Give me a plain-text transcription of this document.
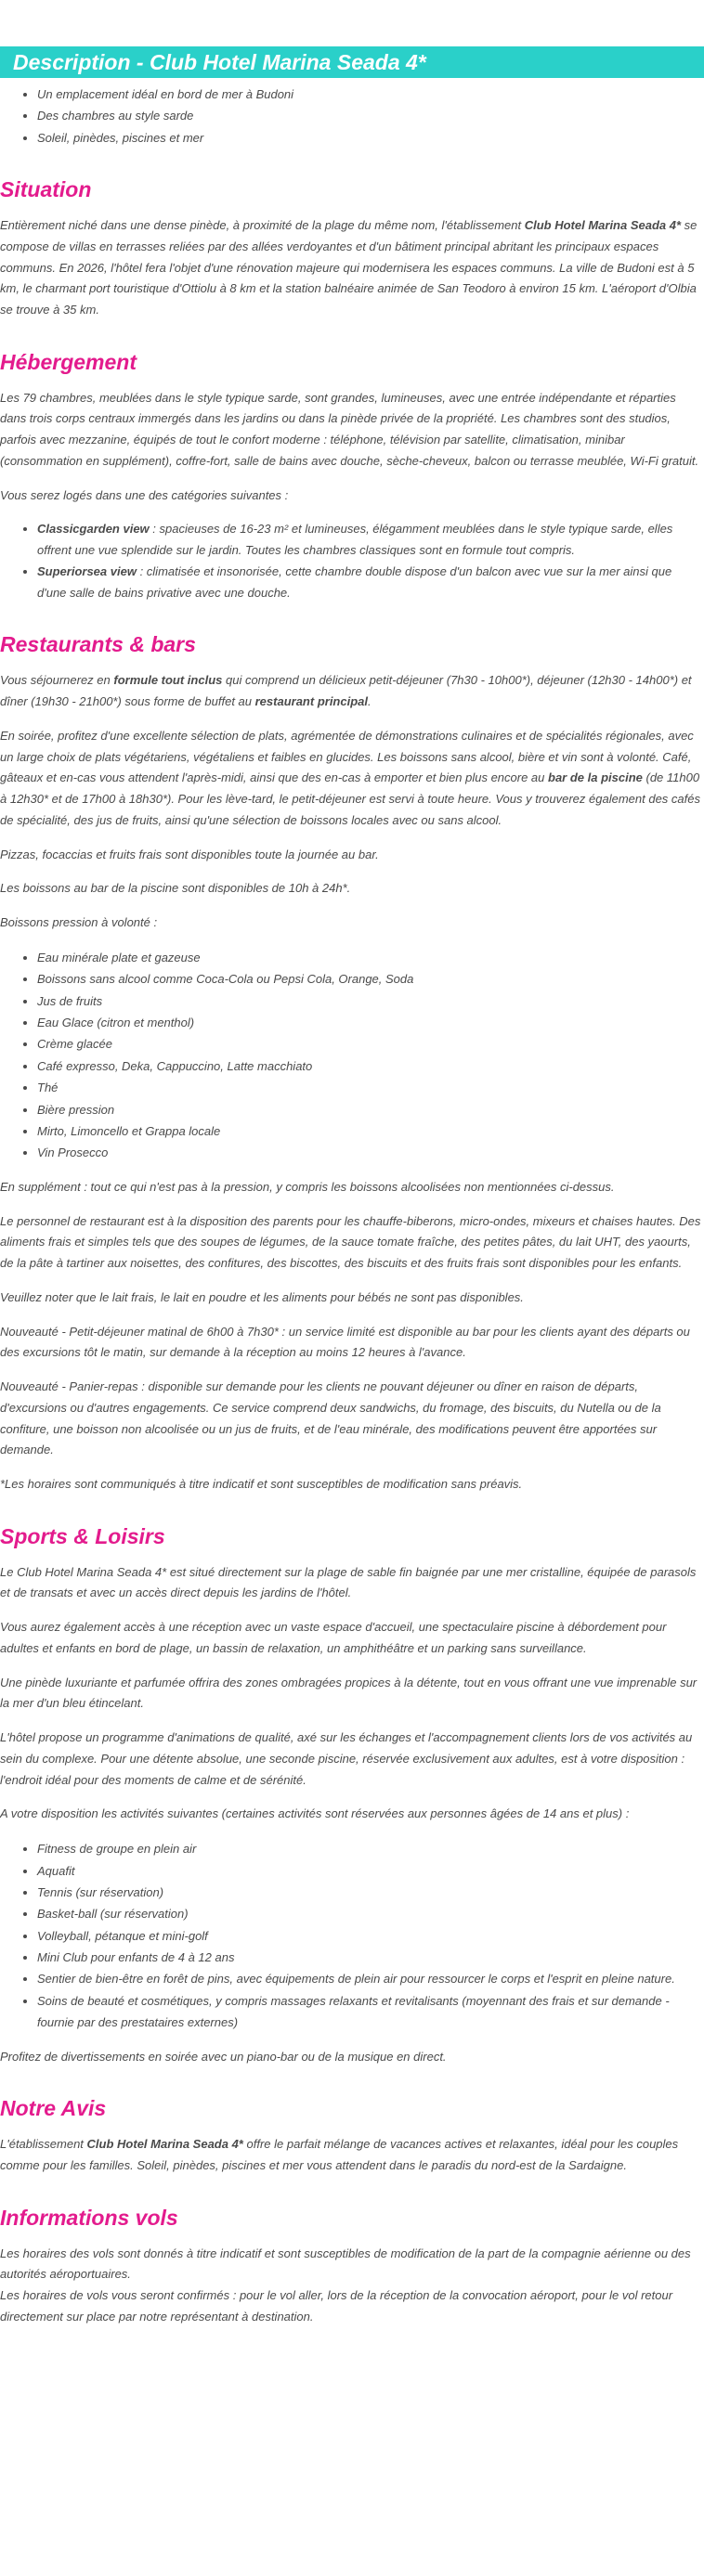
Description - Club Hotel Marina Seada 4*
• Un emplacement idéal en bord de mer à Budoni
• Des chambres au style sarde
• Soleil, pinèdes, piscines et mer
Situation

Entièrement niché dans une dense pinède, à proximité de la plage du même nom, l'établissement Club Hotel Marina Seada 4* se compose de villas en terrasses reliées par des allées verdoyantes et d'un bâtiment principal abritant les principaux espaces communs. En 2026, l'hôtel fera l'objet d'une rénovation majeure qui modernisera les espaces communs. La ville de Budoni est à 5 km, le charmant port touristique d'Ottiolu à 8 km et la station balnéaire animée de San Teodoro à environ 15 km. L'aéroport d'Olbia se trouve à 35 km.

Hébergement

Les 79 chambres, meublées dans le style typique sarde, sont grandes, lumineuses, avec une entrée indépendante et réparties dans trois corps centraux immergés dans les jardins ou dans la pinède privée de la propriété. Les chambres sont des studios, parfois avec mezzanine, équipés de tout le confort moderne : téléphone, télévision par satellite, climatisation, minibar (consommation en supplément), coffre-fort, salle de bains avec douche, sèche-cheveux, balcon ou terrasse meublée, Wi-Fi gratuit.

Vous serez logés dans une des catégories suivantes :

• Classicgarden view : spacieuses de 16-23 m² et lumineuses, élégamment meublées dans le style typique sarde, elles offrent une vue splendide sur le jardin. Toutes les chambres classiques sont en formule tout compris.
• Superiorsea view : climatisée et insonorisée, cette chambre double dispose d'un balcon avec vue sur la mer ainsi que d'une salle de bains privative avec une douche.
Restaurants & bars

Vous séjournerez en formule tout inclus qui comprend un délicieux petit-déjeuner (7h30 - 10h00*), déjeuner (12h30 - 14h00*) et dîner (19h30 - 21h00*) sous forme de buffet au restaurant principal.

En soirée, profitez d'une excellente sélection de plats, agrémentée de démonstrations culinaires et de spécialités régionales, avec un large choix de plats végétariens, végétaliens et faibles en glucides. Les boissons sans alcool, bière et vin sont à volonté. Café, gâteaux et en-cas vous attendent l'après-midi, ainsi que des en-cas à emporter et bien plus encore au bar de la piscine (de 11h00 à 12h30* et de 17h00 à 18h30*). Pour les lève-tard, le petit-déjeuner est servi à toute heure. Vous y trouverez également des cafés de spécialité, des jus de fruits, ainsi qu'une sélection de boissons locales avec ou sans alcool.

Pizzas, focaccias et fruits frais sont disponibles toute la journée au bar.

Les boissons au bar de la piscine sont disponibles de 10h à 24h*.

Boissons pression à volonté :

• Eau minérale plate et gazeuse
• Boissons sans alcool comme Coca-Cola ou Pepsi Cola, Orange, Soda
• Jus de fruits
• Eau Glace (citron et menthol)
• Crème glacée
• Café expresso, Deka, Cappuccino, Latte macchiato
• Thé
• Bière pression
• Mirto, Limoncello et Grappa locale
• Vin Prosecco

En supplément : tout ce qui n'est pas à la pression, y compris les boissons alcoolisées non mentionnées ci-dessus.

Le personnel de restaurant est à la disposition des parents pour les chauffe-biberons, micro-ondes, mixeurs et chaises hautes. Des aliments frais et simples tels que des soupes de légumes, de la sauce tomate fraîche, des petites pâtes, du lait UHT, des yaourts, de la pâte à tartiner aux noisettes, des confitures, des biscottes, des biscuits et des fruits frais sont disponibles pour les enfants.

Veuillez noter que le lait frais, le lait en poudre et les aliments pour bébés ne sont pas disponibles.

Nouveauté - Petit-déjeuner matinal de 6h00 à 7h30* : un service limité est disponible au bar pour les clients ayant des départs ou des excursions tôt le matin, sur demande à la réception au moins 12 heures à l'avance.

Nouveauté - Panier-repas : disponible sur demande pour les clients ne pouvant déjeuner ou dîner en raison de départs, d'excursions ou d'autres engagements. Ce service comprend deux sandwichs, du fromage, des biscuits, du Nutella ou de la confiture, une boisson non alcoolisée ou un jus de fruits, et de l'eau minérale, des modifications peuvent être apportées sur demande.

*Les horaires sont communiqués à titre indicatif et sont susceptibles de modification sans préavis.

Sports & Loisirs

Le Club Hotel Marina Seada 4* est situé directement sur la plage de sable fin baignée par une mer cristalline, équipée de parasols et de transats et avec un accès direct depuis les jardins de l'hôtel.

Vous aurez également accès à une réception avec un vaste espace d'accueil, une spectaculaire piscine à débordement pour adultes et enfants en bord de plage, un bassin de relaxation, un amphithéâtre et un parking sans surveillance.

Une pinède luxuriante et parfumée offrira des zones ombragées propices à la détente, tout en vous offrant une vue imprenable sur la mer d'un bleu étincelant.

L'hôtel propose un programme d'animations de qualité, axé sur les échanges et l'accompagnement clients lors de vos activités au sein du complexe. Pour une détente absolue, une seconde piscine, réservée exclusivement aux adultes, est à votre disposition : l'endroit idéal pour des moments de calme et de sérénité.

A votre disposition les activités suivantes (certaines activités sont réservées aux personnes âgées de 14 ans et plus) :

• Fitness de groupe en plein air
• Aquafit
• Tennis (sur réservation)
• Basket-ball (sur réservation)
• Volleyball, pétanque et mini-golf
• Mini Club pour enfants de 4 à 12 ans
• Sentier de bien-être en forêt de pins, avec équipements de plein air pour ressourcer le corps et l'esprit en pleine nature.
• Soins de beauté et cosmétiques, y compris massages relaxants et revitalisants (moyennant des frais et sur demande - fournie par des prestataires externes)

Profitez de divertissements en soirée avec un piano-bar ou de la musique en direct.

Notre Avis

L'établissement Club Hotel Marina Seada 4* offre le parfait mélange de vacances actives et relaxantes, idéal pour les couples comme pour les familles. Soleil, pinèdes, piscines et mer vous attendent dans le paradis du nord-est de la Sardaigne.

Informations vols

Les horaires des vols sont donnés à titre indicatif et sont susceptibles de modification de la part de la compagnie aérienne ou des autorités aéroportuaires.

Les horaires de vols vous seront confirmés : pour le vol aller, lors de la réception de la convocation aéroport, pour le vol retour directement sur place par notre représentant à destination.
